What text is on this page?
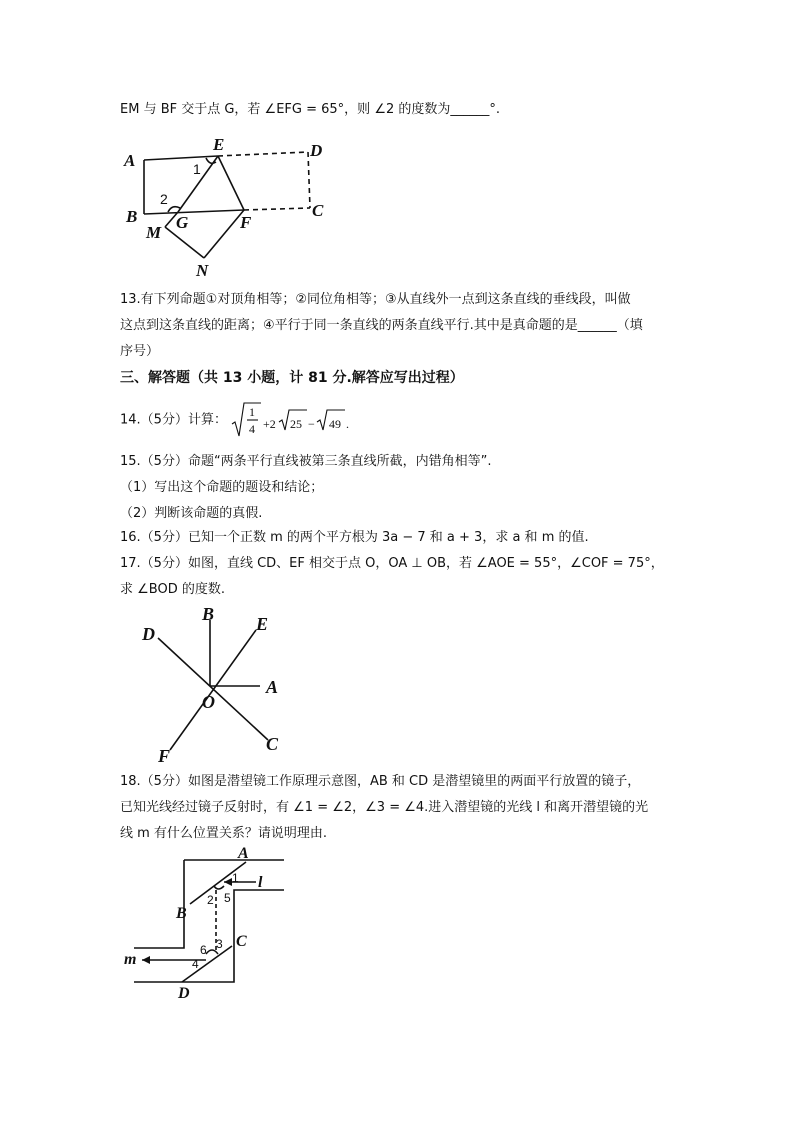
EM 与 BF 交于点 G，若 ∠EFG = 65°，则 ∠2 的度数为______°.
A
E	D
B	C
G	F
M
N
1
2
13.有下列命题①对顶角相等；②同位角相等；③从直线外一点到这条直线的垂线段，叫做
这点到这条直线的距离；④平行于同一条直线的两条直线平行.其中是真命题的是______（填
序号）
三、解答题（共 13 小题，计 81 分.解答应写出过程）
14.（5分）计算：
1
4 +2 25 − 49 .
15.（5分）命题“两条平行直线被第三条直线所截，内错角相等”.
（1）写出这个命题的题设和结论；
（2）判断该命题的真假.
16.（5分）已知一个正数 m 的两个平方根为 3a − 7 和 a + 3，求 a 和 m 的值.
17.（5分）如图，直线 CD、EF 相交于点 O，OA ⊥ OB，若 ∠AOE = 55°，∠COF = 75°，
求 ∠BOD 的度数.
B
D	E
A
O
C
F
18.（5分）如图是潜望镜工作原理示意图，AB 和 CD 是潜望镜里的两面平行放置的镜子，
已知光线经过镜子反射时，有 ∠1 = ∠2，∠3 = ∠4.进入潜望镜的光线 l 和离开潜望镜的光
线 m 有什么位置关系？请说明理由.
A
B
C
D
l
m
1
2 5
6 3
4
